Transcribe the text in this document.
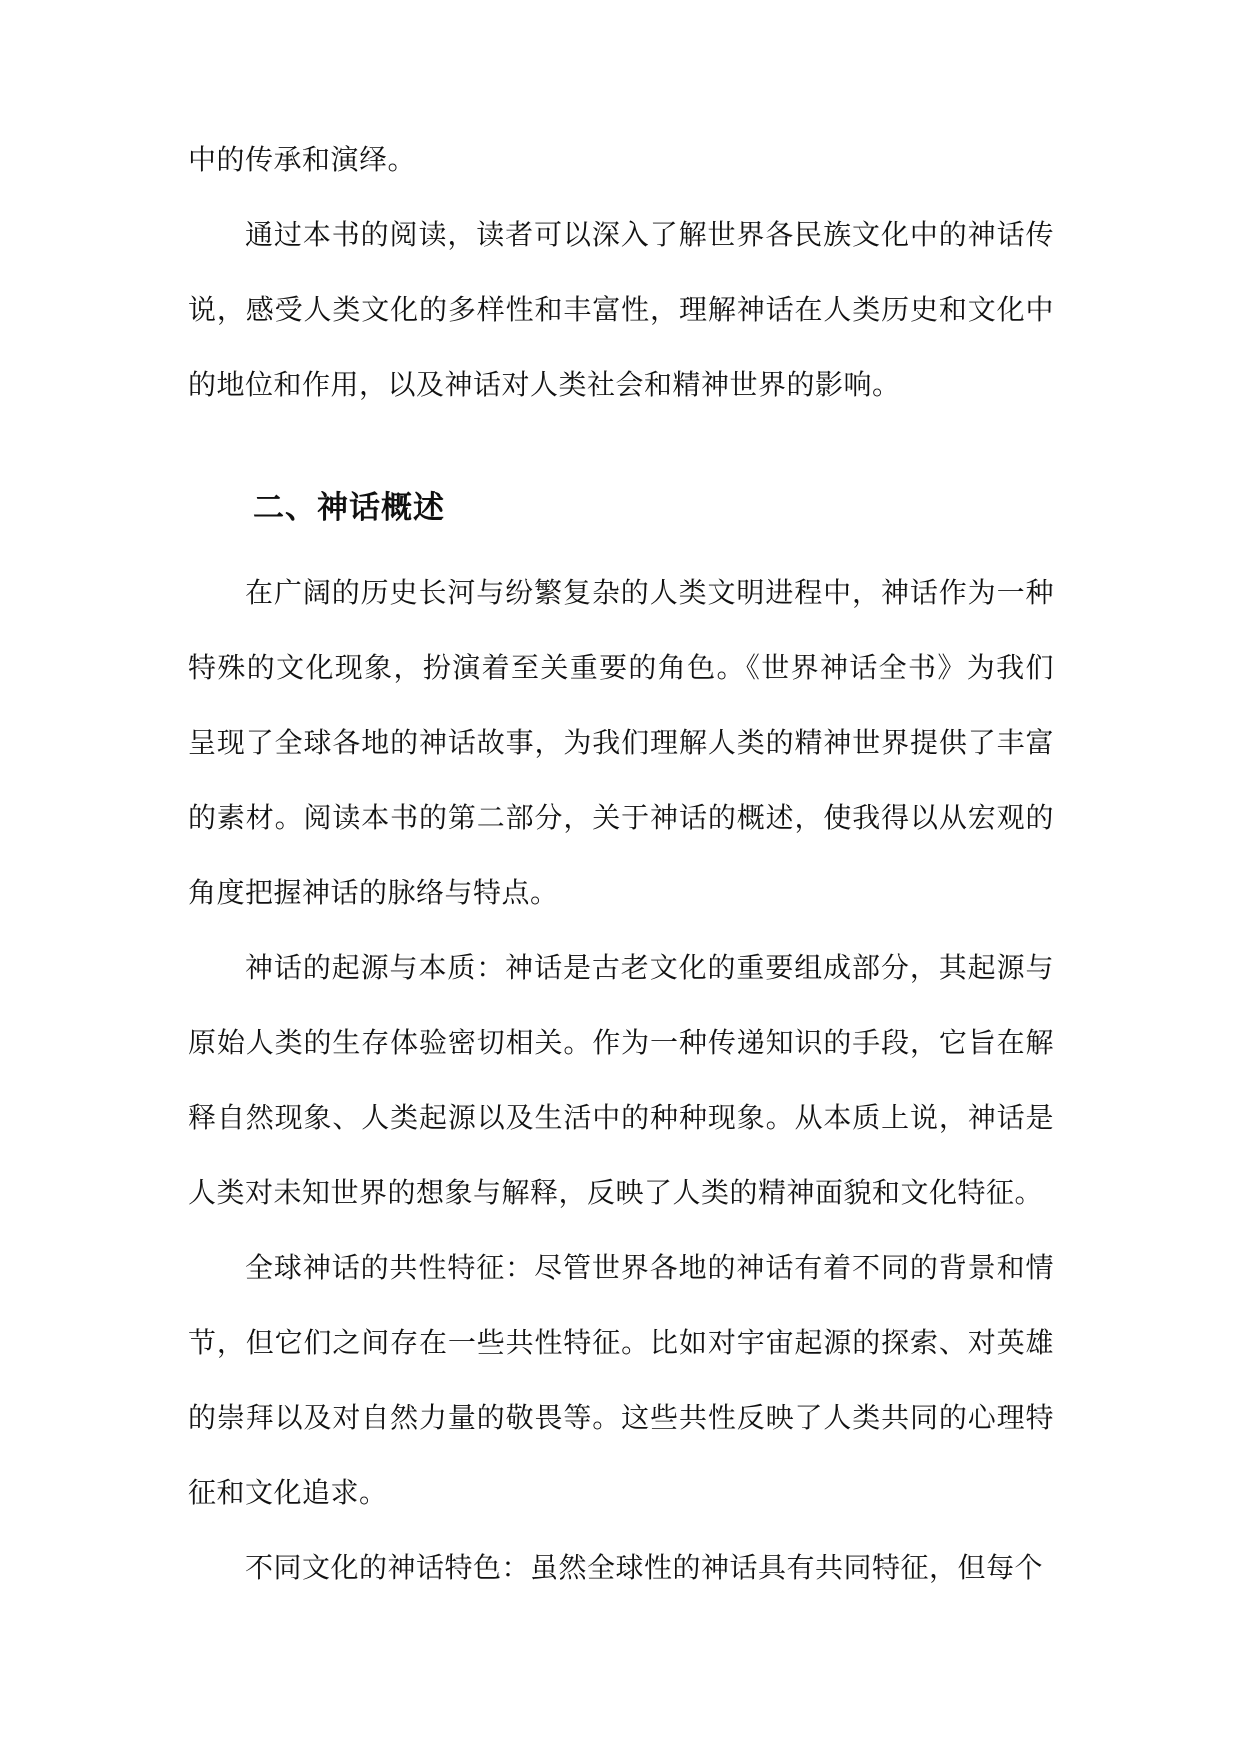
中的传承和演绎。

通过本书的阅读，读者可以深入了解世界各民族文化中的神话传说，感受人类文化的多样性和丰富性，理解神话在人类历史和文化中的地位和作用，以及神话对人类社会和精神世界的影响。

二、神话概述

在广阔的历史长河与纷繁复杂的人类文明进程中，神话作为一种特殊的文化现象，扮演着至关重要的角色。《世界神话全书》为我们呈现了全球各地的神话故事，为我们理解人类的精神世界提供了丰富的素材。阅读本书的第二部分，关于神话的概述，使我得以从宏观的角度把握神话的脉络与特点。

神话的起源与本质：神话是古老文化的重要组成部分，其起源与原始人类的生存体验密切相关。作为一种传递知识的手段，它旨在解释自然现象、人类起源以及生活中的种种现象。从本质上说，神话是人类对未知世界的想象与解释，反映了人类的精神面貌和文化特征。

全球神话的共性特征：尽管世界各地的神话有着不同的背景和情节，但它们之间存在一些共性特征。比如对宇宙起源的探索、对英雄的崇拜以及对自然力量的敬畏等。这些共性反映了人类共同的心理特征和文化追求。

不同文化的神话特色：虽然全球性的神话具有共同特征，但每个
